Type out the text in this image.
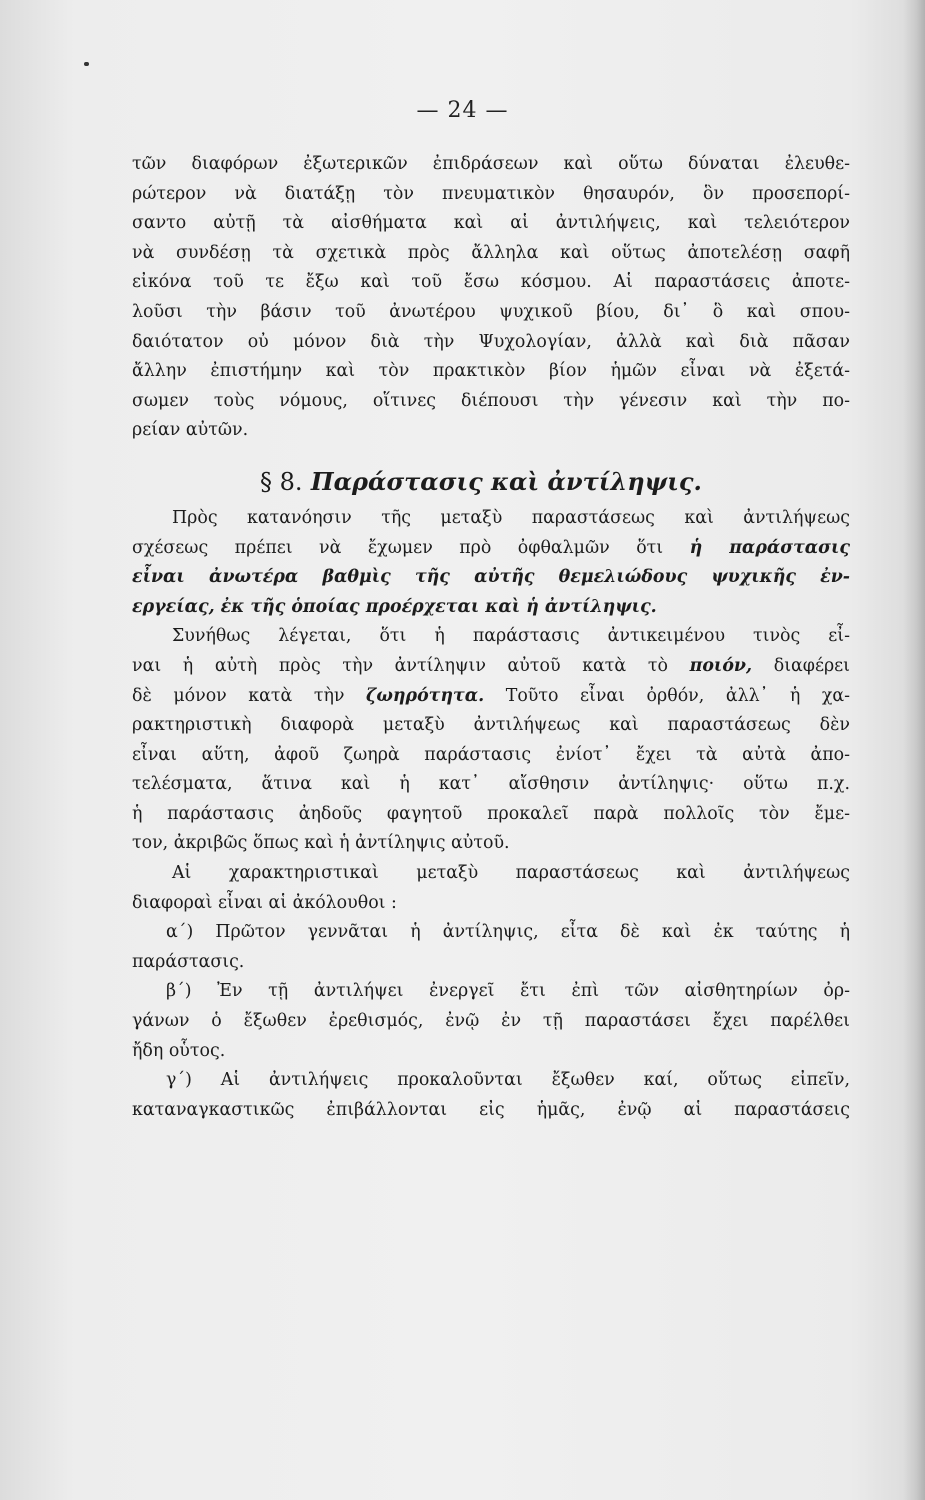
— 24 —
τῶν διαφόρων ἐξωτερικῶν ἐπιδράσεων καὶ οὕτω δύναται ἐλευθε-
ρώτερον νὰ διατάξῃ τὸν πνευματικὸν θησαυρόν, ὃν προσεπορί-
σαντο αὐτῇ τὰ αἰσθήματα καὶ αἱ ἀντιλήψεις, καὶ τελειότερον
νὰ συνδέσῃ τὰ σχετικὰ πρὸς ἄλληλα καὶ οὕτως ἀποτελέσῃ σαφῆ
εἰκόνα τοῦ τε ἔξω καὶ τοῦ ἔσω κόσμου. Αἱ παραστάσεις ἀποτε-
λοῦσι τὴν βάσιν τοῦ ἀνωτέρου ψυχικοῦ βίου, δι᾽ ὃ καὶ σπου-
δαιότατον οὐ μόνον διὰ τὴν Ψυχολογίαν, ἀλλὰ καὶ διὰ πᾶσαν
ἄλλην ἐπιστήμην καὶ τὸν πρακτικὸν βίον ἡμῶν εἶναι νὰ ἐξετά-
σωμεν τοὺς νόμους, οἵτινες διέπουσι τὴν γένεσιν καὶ τὴν πο-
ρείαν αὐτῶν.
§ 8. Παράστασις καὶ ἀντίληψις.
Πρὸς κατανόησιν τῆς μεταξὺ παραστάσεως καὶ ἀντιλήψεως
σχέσεως πρέπει νὰ ἔχωμεν πρὸ ὀφθαλμῶν ὅτι ἡ παράστασις
εἶναι ἀνωτέρα βαθμὶς τῆς αὐτῆς θεμελιώδους ψυχικῆς ἐν-
εργείας, ἐκ τῆς ὁποίας προέρχεται καὶ ἡ ἀντίληψις.
Συνήθως λέγεται, ὅτι ἡ παράστασις ἀντικειμένου τινὸς εἶ-
ναι ἡ αὐτὴ πρὸς τὴν ἀντίληψιν αὐτοῦ κατὰ τὸ ποιόν, διαφέρει
δὲ μόνον κατὰ τὴν ζωηρότητα. Τοῦτο εἶναι ὀρθόν, ἀλλ᾽ ἡ χα-
ρακτηριστικὴ διαφορὰ μεταξὺ ἀντιλήψεως καὶ παραστάσεως δὲν
εἶναι αὕτη, ἀφοῦ ζωηρὰ παράστασις ἐνίοτ᾽ ἔχει τὰ αὐτὰ ἀπο-
τελέσματα, ἅτινα καὶ ἡ κατ᾽ αἴσθησιν ἀντίληψις· οὕτω π.χ.
ἡ παράστασις ἀηδοῦς φαγητοῦ προκαλεῖ παρὰ πολλοῖς τὸν ἔμε-
τον, ἀκριβῶς ὅπως καὶ ἡ ἀντίληψις αὐτοῦ.
Αἱ χαρακτηριστικαὶ μεταξὺ παραστάσεως καὶ ἀντιλήψεως
διαφοραὶ εἶναι αἱ ἀκόλουθοι :
α΄) Πρῶτον γεννᾶται ἡ ἀντίληψις, εἶτα δὲ καὶ ἐκ ταύτης ἡ
παράστασις.
β΄) Ἐν τῇ ἀντιλήψει ἐνεργεῖ ἔτι ἐπὶ τῶν αἰσθητηρίων ὀρ-
γάνων ὁ ἔξωθεν ἐρεθισμός, ἐνῷ ἐν τῇ παραστάσει ἔχει παρέλθει
ἤδη οὗτος.
γ΄) Αἱ ἀντιλήψεις προκαλοῦνται ἔξωθεν καί, οὕτως εἰπεῖν,
καταναγκαστικῶς ἐπιβάλλονται εἰς ἡμᾶς, ἐνῷ αἱ παραστάσεις
